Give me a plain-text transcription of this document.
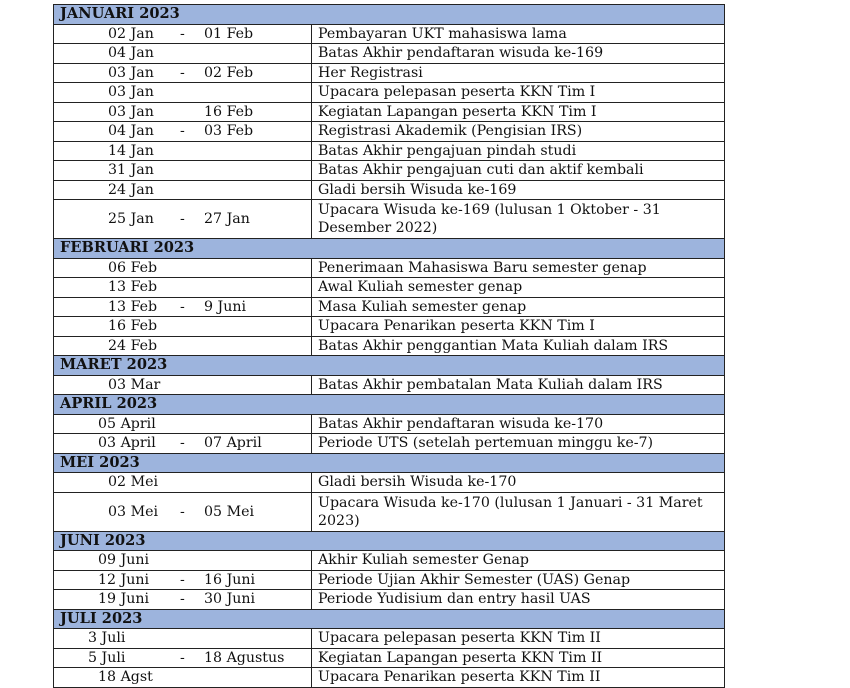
JANUARI 2023	

02 Jan - 01 Feb	Pembayaran UKT mahasiswa lama

04 Jan	Batas Akhir pendaftaran wisuda ke-169

03 Jan - 02 Feb	Her Registrasi

03 Jan	Upacara pelepasan peserta KKN Tim I

03 Jan 16 Feb	Kegiatan Lapangan peserta KKN Tim I

04 Jan - 03 Feb	Registrasi Akademik (Pengisian IRS)

14 Jan	Batas Akhir pengajuan pindah studi

31 Jan	Batas Akhir pengajuan cuti dan aktif kembali

24 Jan	Gladi bersih Wisuda ke-169

25 Jan - 27 Jan	Upacara Wisuda ke-169 (lulusan 1 Oktober - 31 Desember 2022)
FEBRUARI 2023	

06 Feb	Penerimaan Mahasiswa Baru semester genap

13 Feb	Awal Kuliah semester genap

13 Feb - 9 Juni	Masa Kuliah semester genap

16 Feb	Upacara Penarikan peserta KKN Tim I

24 Feb	Batas Akhir penggantian Mata Kuliah dalam IRS
MARET 2023	

03 Mar	Batas Akhir pembatalan Mata Kuliah dalam IRS
APRIL 2023	

05 April	Batas Akhir pendaftaran wisuda ke-170

03 April - 07 April	Periode UTS (setelah pertemuan minggu ke-7)
MEI 2023	

02 Mei	Gladi bersih Wisuda ke-170

03 Mei - 05 Mei	Upacara Wisuda ke-170 (lulusan 1 Januari - 31 Maret 2023)
JUNI 2023	

09 Juni	Akhir Kuliah semester Genap

12 Juni - 16 Juni	Periode Ujian Akhir Semester (UAS) Genap

19 Juni - 30 Juni	Periode Yudisium dan entry hasil UAS
JULI 2023	

3 Juli	Upacara pelepasan peserta KKN Tim II

5 Juli - 18 Agustus	Kegiatan Lapangan peserta KKN Tim II

18 Agst	Upacara Penarikan peserta KKN Tim II
